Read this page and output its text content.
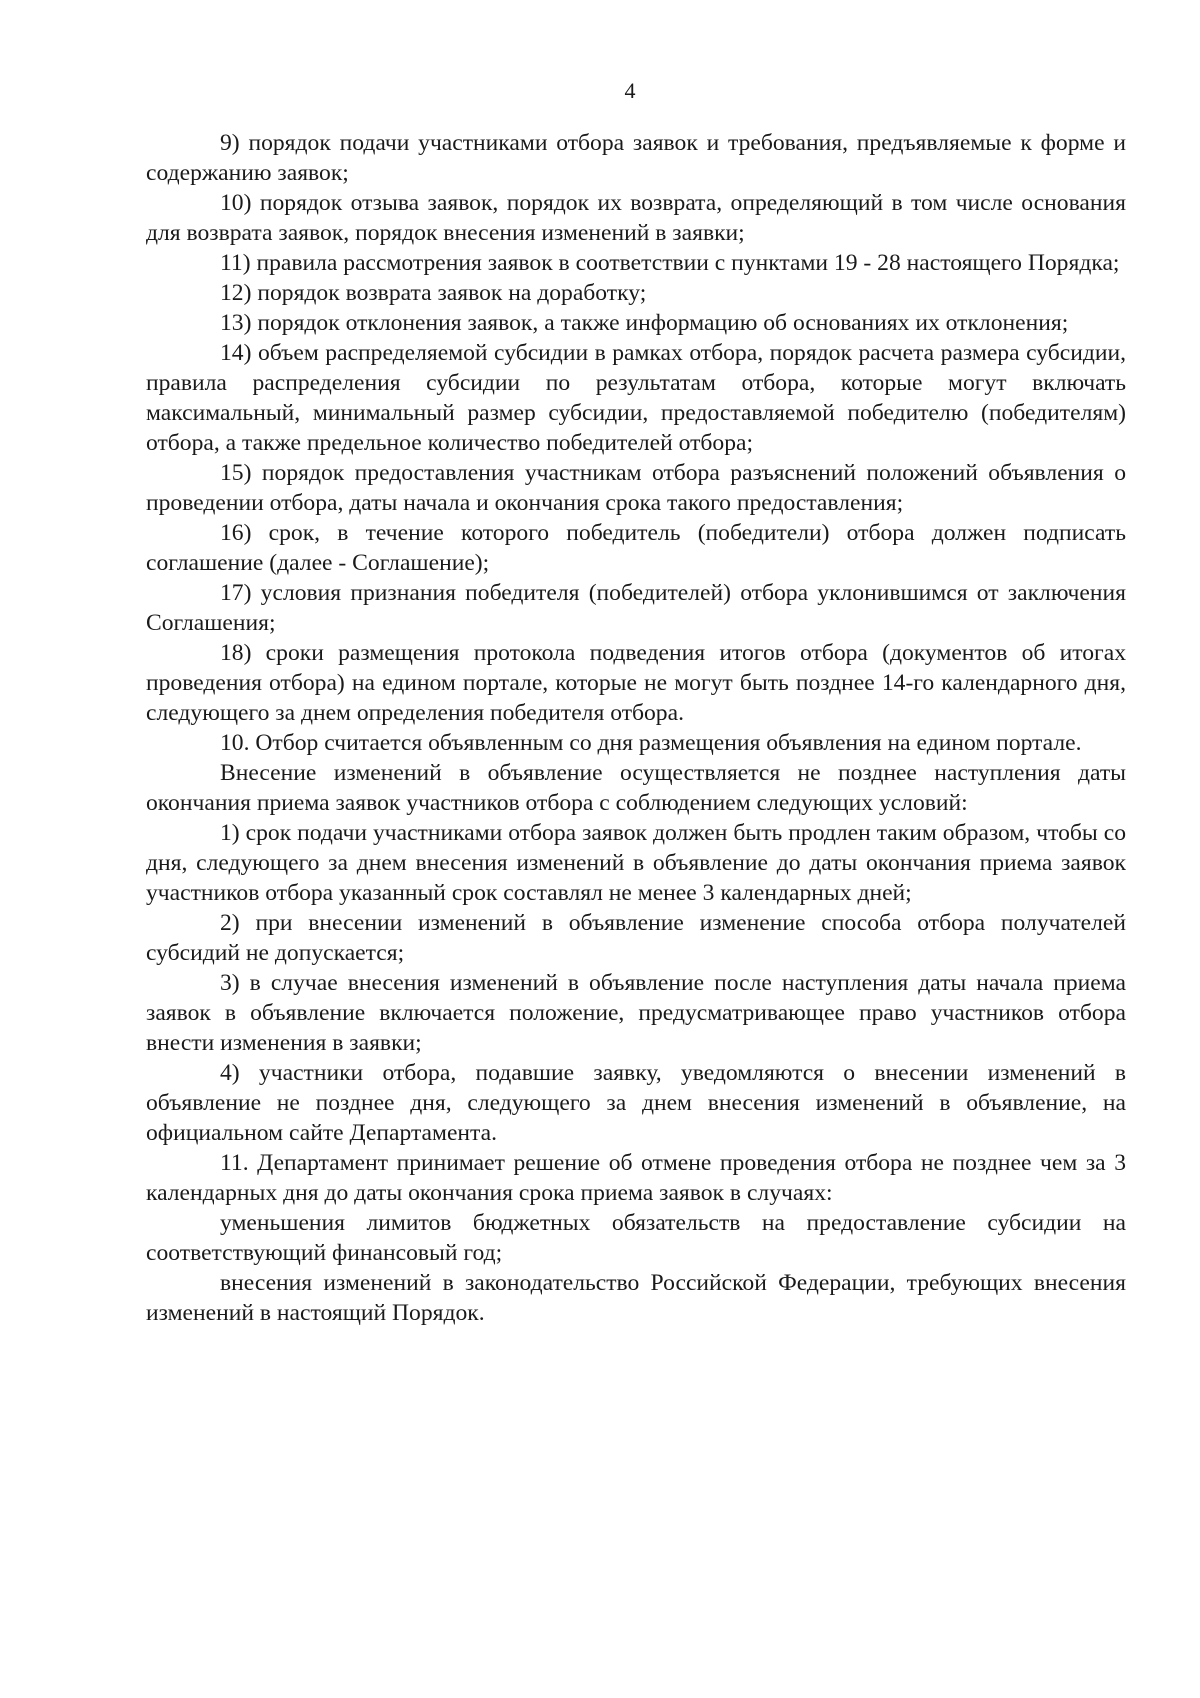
4

9) порядок подачи участниками отбора заявок и требования, предъявляемые к форме и содержанию заявок;

10) порядок отзыва заявок, порядок их возврата, определяющий в том числе основания для возврата заявок, порядок внесения изменений в заявки;

11) правила рассмотрения заявок в соответствии с пунктами 19 - 28 настоящего Порядка;

12) порядок возврата заявок на доработку;

13) порядок отклонения заявок, а также информацию об основаниях их отклонения;

14) объем распределяемой субсидии в рамках отбора, порядок расчета размера субсидии, правила распределения субсидии по результатам отбора, которые могут включать максимальный, минимальный размер субсидии, предоставляемой победителю (победителям) отбора, а также предельное количество победителей отбора;

15) порядок предоставления участникам отбора разъяснений положений объявления о проведении отбора, даты начала и окончания срока такого предоставления;

16) срок, в течение которого победитель (победители) отбора должен подписать соглашение (далее - Соглашение);

17) условия признания победителя (победителей) отбора уклонившимся от заключения Соглашения;

18) сроки размещения протокола подведения итогов отбора (документов об итогах проведения отбора) на едином портале, которые не могут быть позднее 14-го календарного дня, следующего за днем определения победителя отбора.

10. Отбор считается объявленным со дня размещения объявления на едином портале.

Внесение изменений в объявление осуществляется не позднее наступления даты окончания приема заявок участников отбора с соблюдением следующих условий:

1) срок подачи участниками отбора заявок должен быть продлен таким образом, чтобы со дня, следующего за днем внесения изменений в объявление до даты окончания приема заявок участников отбора указанный срок составлял не менее 3 календарных дней;

2) при внесении изменений в объявление изменение способа отбора получателей субсидий не допускается;

3) в случае внесения изменений в объявление после наступления даты начала приема заявок в объявление включается положение, предусматривающее право участников отбора внести изменения в заявки;

4) участники отбора, подавшие заявку, уведомляются о внесении изменений в объявление не позднее дня, следующего за днем внесения изменений в объявление, на официальном сайте Департамента.

11. Департамент принимает решение об отмене проведения отбора не позднее чем за 3 календарных дня до даты окончания срока приема заявок в случаях:

уменьшения лимитов бюджетных обязательств на предоставление субсидии на соответствующий финансовый год;

внесения изменений в законодательство Российской Федерации, требующих внесения изменений в настоящий Порядок.
